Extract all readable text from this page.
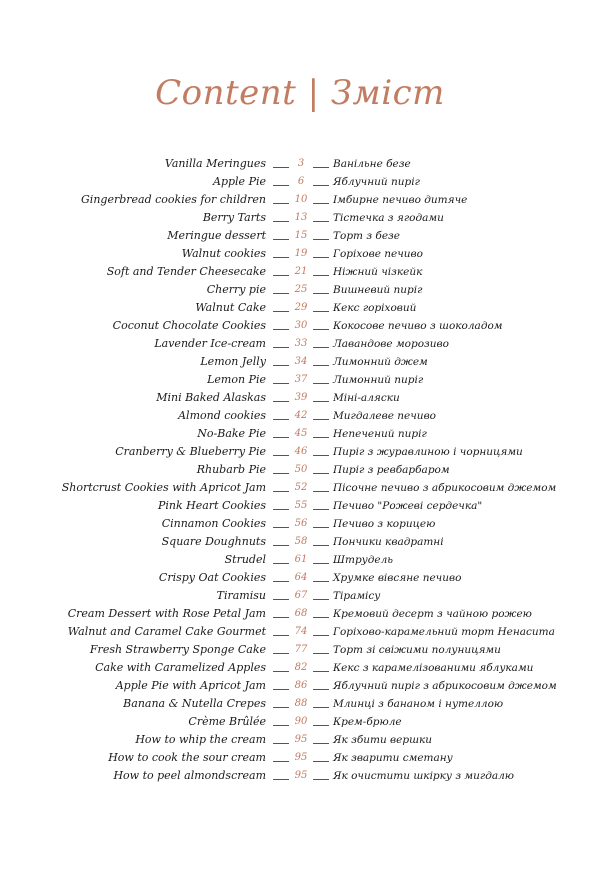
Content | Зміст
Vanilla Meringues	3	Ванільне безе
Apple Pie	6	Яблучний пиріг
Gingerbread cookies for children	10	Імбирне печиво дитяче
Berry Tarts	13	Тістечка з ягодами
Meringue dessert	15	Торт з безе
Walnut cookies	19	Горіхове печиво
Soft and Tender Cheesecake	21	Ніжний чізкейк
Cherry pie	25	Вишневий пиріг
Walnut Cake	29	Кекс горіховий
Coconut Chocolate Cookies	30	Кокосове печиво з шоколадом
Lavender Ice-cream	33	Лавандове морозиво
Lemon Jelly	34	Лимонний джем
Lemon Pie	37	Лимонний пиріг
Mini Baked Alaskas	39	Міні-аляски
Almond cookies	42	Мигдалеве печиво
No-Bake Pie	45	Непечений пиріг
Cranberry & Blueberry Pie	46	Пиріг з журавлиною і чорницями
Rhubarb Pie	50	Пиріг з ревбарбаром
Shortcrust Cookies with Apricot Jam	52	Пісочне печиво з абрикосовим джемом
Pink Heart Cookies	55	Печиво "Рожеві сердечка"
Cinnamon Cookies	56	Печиво з корицею
Square Doughnuts	58	Пончики квадратні
Strudel	61	Штрудель
Crispy Oat Cookies	64	Хрумке вівсяне печиво
Tiramisu	67	Тірамісу
Cream Dessert with Rose Petal Jam	68	Кремовий десерт з чайною рожею
Walnut and Caramel Cake Gourmet	74	Горіхово-карамельний торт Ненасита
Fresh Strawberry Sponge Cake	77	Торт зі свіжими полуницями
Cake with Caramelized Apples	82	Кекс з карамелізованими яблуками
Apple Pie with Apricot Jam	86	Яблучний пиріг з абрикосовим джемом
Banana & Nutella Crepes	88	Млинці з бананом і нутеллою
Crème Brûlée	90	Крем-брюле
How to whip the cream	95	Як збити вершки
How to cook the sour cream	95	Як зварити сметану
How to peel almondscream	95	Як очистити шкірку з мигдалю
